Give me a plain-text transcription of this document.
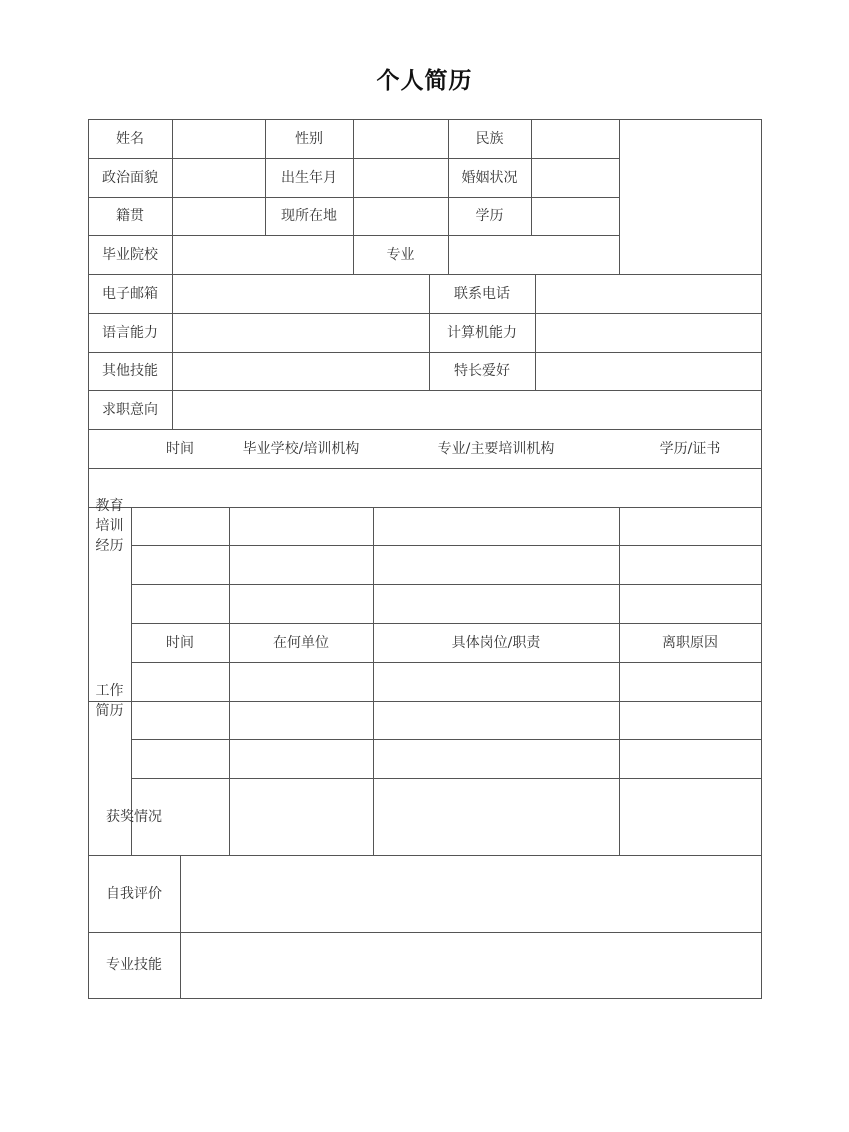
个人简历
姓名	性别	民族
政治面貌	出生年月	婚姻状况
籍贯	现所在地	学历
毕业院校	专业
电子邮箱	联系电话
语言能力	计算机能力
其他技能	特长爱好
求职意向
教育
培训
经历
时间	毕业学校/培训机构	专业/主要培训机构	学历/证书
工作
简历
时间	在何单位	具体岗位/职责	离职原因
获奖情况
自我评价
专业技能
